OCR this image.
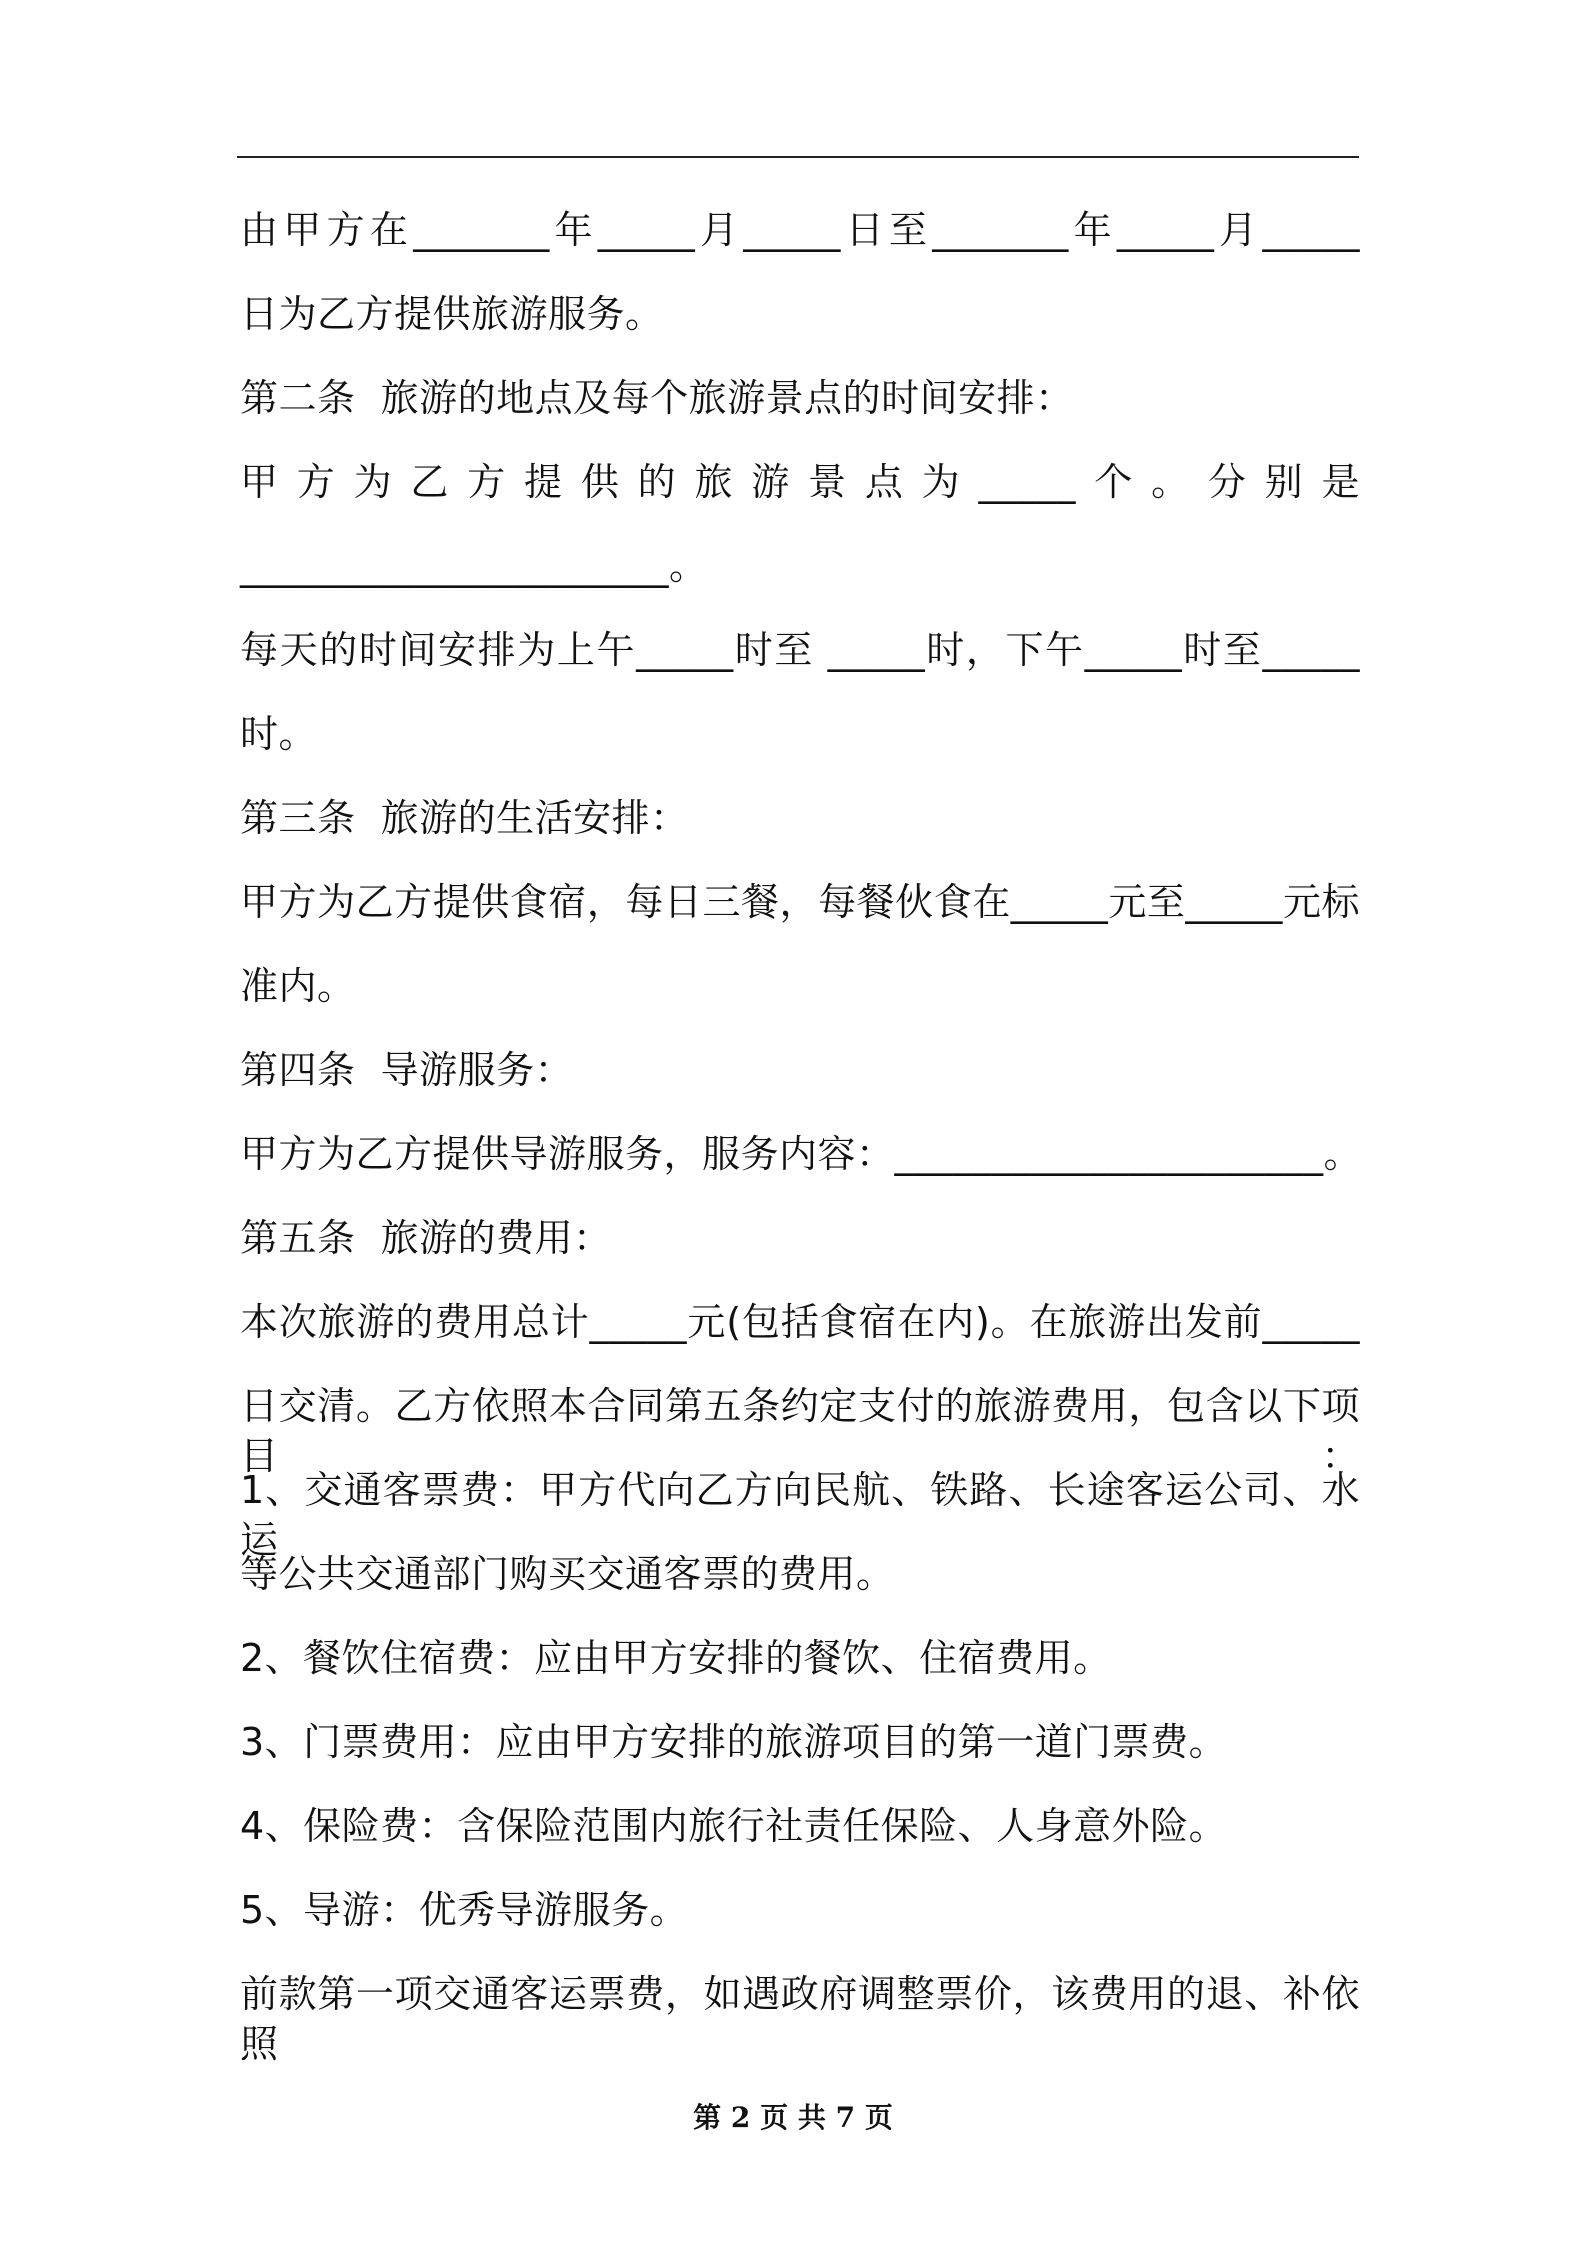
由甲方在_______年_____月_____日至_______年_____月_____
日为乙方提供旅游服务。
第二条  旅游的地点及每个旅游景点的时间安排：
甲方为乙方提供的旅游景点为_____个。分别是
______________________。
每天的时间安排为上午_____时至 _____时，下午_____时至_____
时。
第三条  旅游的生活安排：
甲方为乙方提供食宿，每日三餐，每餐伙食在_____元至_____元标
准内。
第四条  导游服务：
甲方为乙方提供导游服务，服务内容：______________________。
第五条  旅游的费用：
本次旅游的费用总计_____元(包括食宿在内)。在旅游出发前_____
日交清。乙方依照本合同第五条约定支付的旅游费用，包含以下项目：
1、交通客票费：甲方代向乙方向民航、铁路、长途客运公司、水运
等公共交通部门购买交通客票的费用。
2、餐饮住宿费：应由甲方安排的餐饮、住宿费用。
3、门票费用：应由甲方安排的旅游项目的第一道门票费。
4、保险费：含保险范围内旅行社责任保险、人身意外险。
5、导游：优秀导游服务。
前款第一项交通客运票费，如遇政府调整票价，该费用的退、补依照
第 2 页 共 7 页
